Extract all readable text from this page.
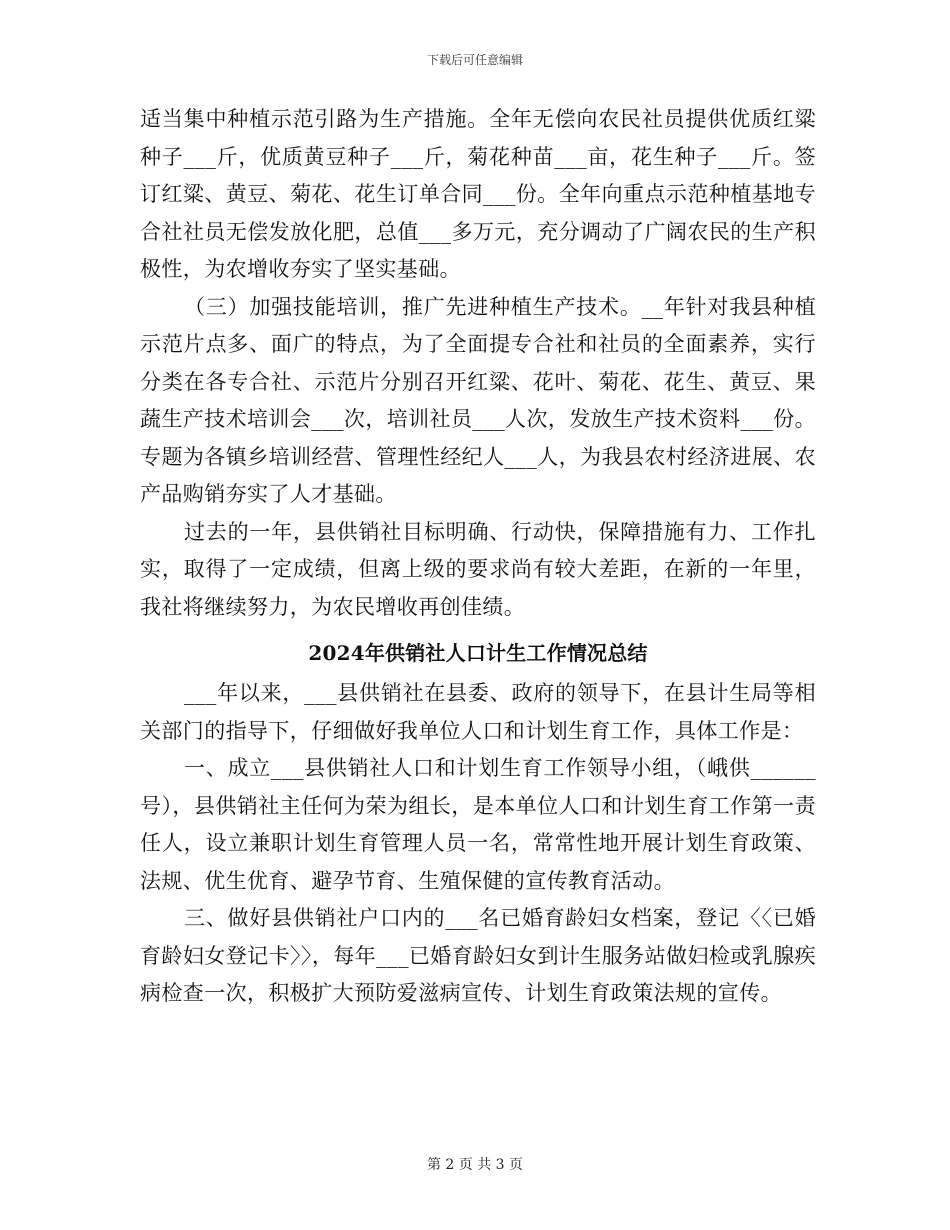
下载后可任意编辑

适当集中种植示范引路为生产措施。全年无偿向农民社员提供优质红粱种子___斤，优质黄豆种子___斤，菊花种苗___亩，花生种子___斤。签订红粱、黄豆、菊花、花生订单合同___份。全年向重点示范种植基地专合社社员无偿发放化肥，总值___多万元，充分调动了广阔农民的生产积极性，为农增收夯实了坚实基础。

（三）加强技能培训，推广先进种植生产技术。__年针对我县种植示范片点多、面广的特点，为了全面提专合社和社员的全面素养，实行分类在各专合社、示范片分别召开红粱、花叶、菊花、花生、黄豆、果蔬生产技术培训会___次，培训社员___人次，发放生产技术资料___份。专题为各镇乡培训经营、管理性经纪人___人，为我县农村经济进展、农产品购销夯实了人才基础。

过去的一年，县供销社目标明确、行动快，保障措施有力、工作扎实，取得了一定成绩，但离上级的要求尚有较大差距，在新的一年里，我社将继续努力，为农民增收再创佳绩。

2024年供销社人口计生工作情况总结

___年以来，___县供销社在县委、政府的领导下，在县计生局等相关部门的指导下，仔细做好我单位人口和计划生育工作，具体工作是：

一、成立___县供销社人口和计划生育工作领导小组，（峨供______号），县供销社主任何为荣为组长，是本单位人口和计划生育工作第一责任人，设立兼职计划生育管理人员一名，常常性地开展计划生育政策、法规、优生优育、避孕节育、生殖保健的宣传教育活动。

三、做好县供销社户口内的___名已婚育龄妇女档案，登记〈〈已婚育龄妇女登记卡〉〉，每年___已婚育龄妇女到计生服务站做妇检或乳腺疾病检查一次，积极扩大预防爱滋病宣传、计划生育政策法规的宣传。

第 2 页 共 3 页
